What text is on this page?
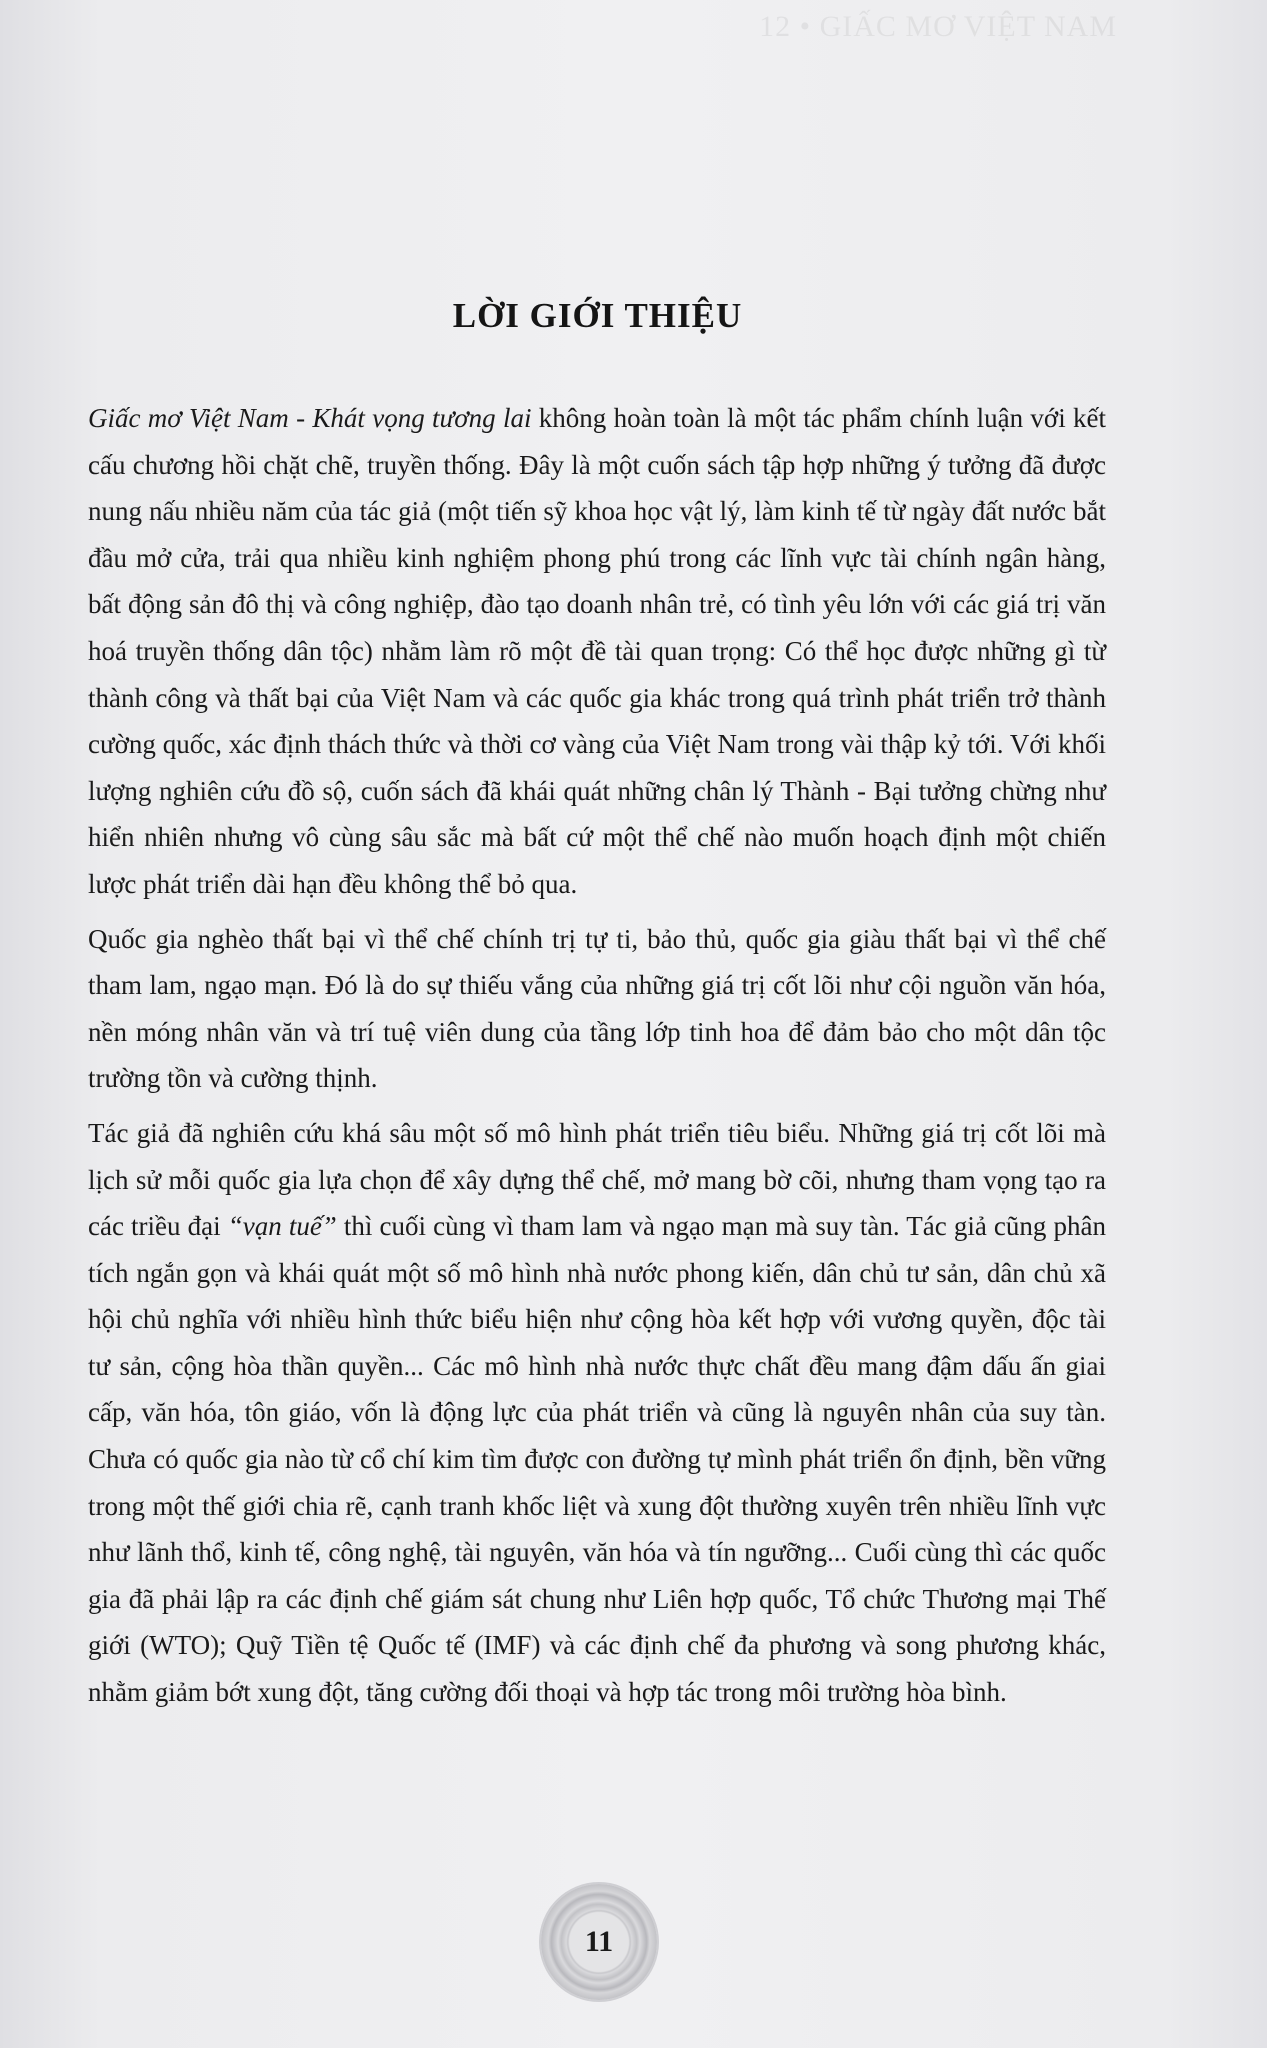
12 • GIẤC MƠ VIỆT NAM
LỜI GIỚI THIỆU

Giấc mơ Việt Nam - Khát vọng tương lai không hoàn toàn là một tác phẩm chính luận với kết cấu chương hồi chặt chẽ, truyền thống. Đây là một cuốn sách tập hợp những ý tưởng đã được nung nấu nhiều năm của tác giả (một tiến sỹ khoa học vật lý, làm kinh tế từ ngày đất nước bắt đầu mở cửa, trải qua nhiều kinh nghiệm phong phú trong các lĩnh vực tài chính ngân hàng, bất động sản đô thị và công nghiệp, đào tạo doanh nhân trẻ, có tình yêu lớn với các giá trị văn hoá truyền thống dân tộc) nhằm làm rõ một đề tài quan trọng: Có thể học được những gì từ thành công và thất bại của Việt Nam và các quốc gia khác trong quá trình phát triển trở thành cường quốc, xác định thách thức và thời cơ vàng của Việt Nam trong vài thập kỷ tới. Với khối lượng nghiên cứu đồ sộ, cuốn sách đã khái quát những chân lý Thành - Bại tưởng chừng như hiển nhiên nhưng vô cùng sâu sắc mà bất cứ một thể chế nào muốn hoạch định một chiến lược phát triển dài hạn đều không thể bỏ qua.

Quốc gia nghèo thất bại vì thể chế chính trị tự ti, bảo thủ, quốc gia giàu thất bại vì thể chế tham lam, ngạo mạn. Đó là do sự thiếu vắng của những giá trị cốt lõi như cội nguồn văn hóa, nền móng nhân văn và trí tuệ viên dung của tầng lớp tinh hoa để đảm bảo cho một dân tộc trường tồn và cường thịnh.

Tác giả đã nghiên cứu khá sâu một số mô hình phát triển tiêu biểu. Những giá trị cốt lõi mà lịch sử mỗi quốc gia lựa chọn để xây dựng thể chế, mở mang bờ cõi, nhưng tham vọng tạo ra các triều đại “vạn tuế” thì cuối cùng vì tham lam và ngạo mạn mà suy tàn. Tác giả cũng phân tích ngắn gọn và khái quát một số mô hình nhà nước phong kiến, dân chủ tư sản, dân chủ xã hội chủ nghĩa với nhiều hình thức biểu hiện như cộng hòa kết hợp với vương quyền, độc tài tư sản, cộng hòa thần quyền... Các mô hình nhà nước thực chất đều mang đậm dấu ấn giai cấp, văn hóa, tôn giáo, vốn là động lực của phát triển và cũng là nguyên nhân của suy tàn. Chưa có quốc gia nào từ cổ chí kim tìm được con đường tự mình phát triển ổn định, bền vững trong một thế giới chia rẽ, cạnh tranh khốc liệt và xung đột thường xuyên trên nhiều lĩnh vực như lãnh thổ, kinh tế, công nghệ, tài nguyên, văn hóa và tín ngưỡng... Cuối cùng thì các quốc gia đã phải lập ra các định chế giám sát chung như Liên hợp quốc, Tổ chức Thương mại Thế giới (WTO); Quỹ Tiền tệ Quốc tế (IMF) và các định chế đa phương và song phương khác, nhằm giảm bớt xung đột, tăng cường đối thoại và hợp tác trong môi trường hòa bình.

11
